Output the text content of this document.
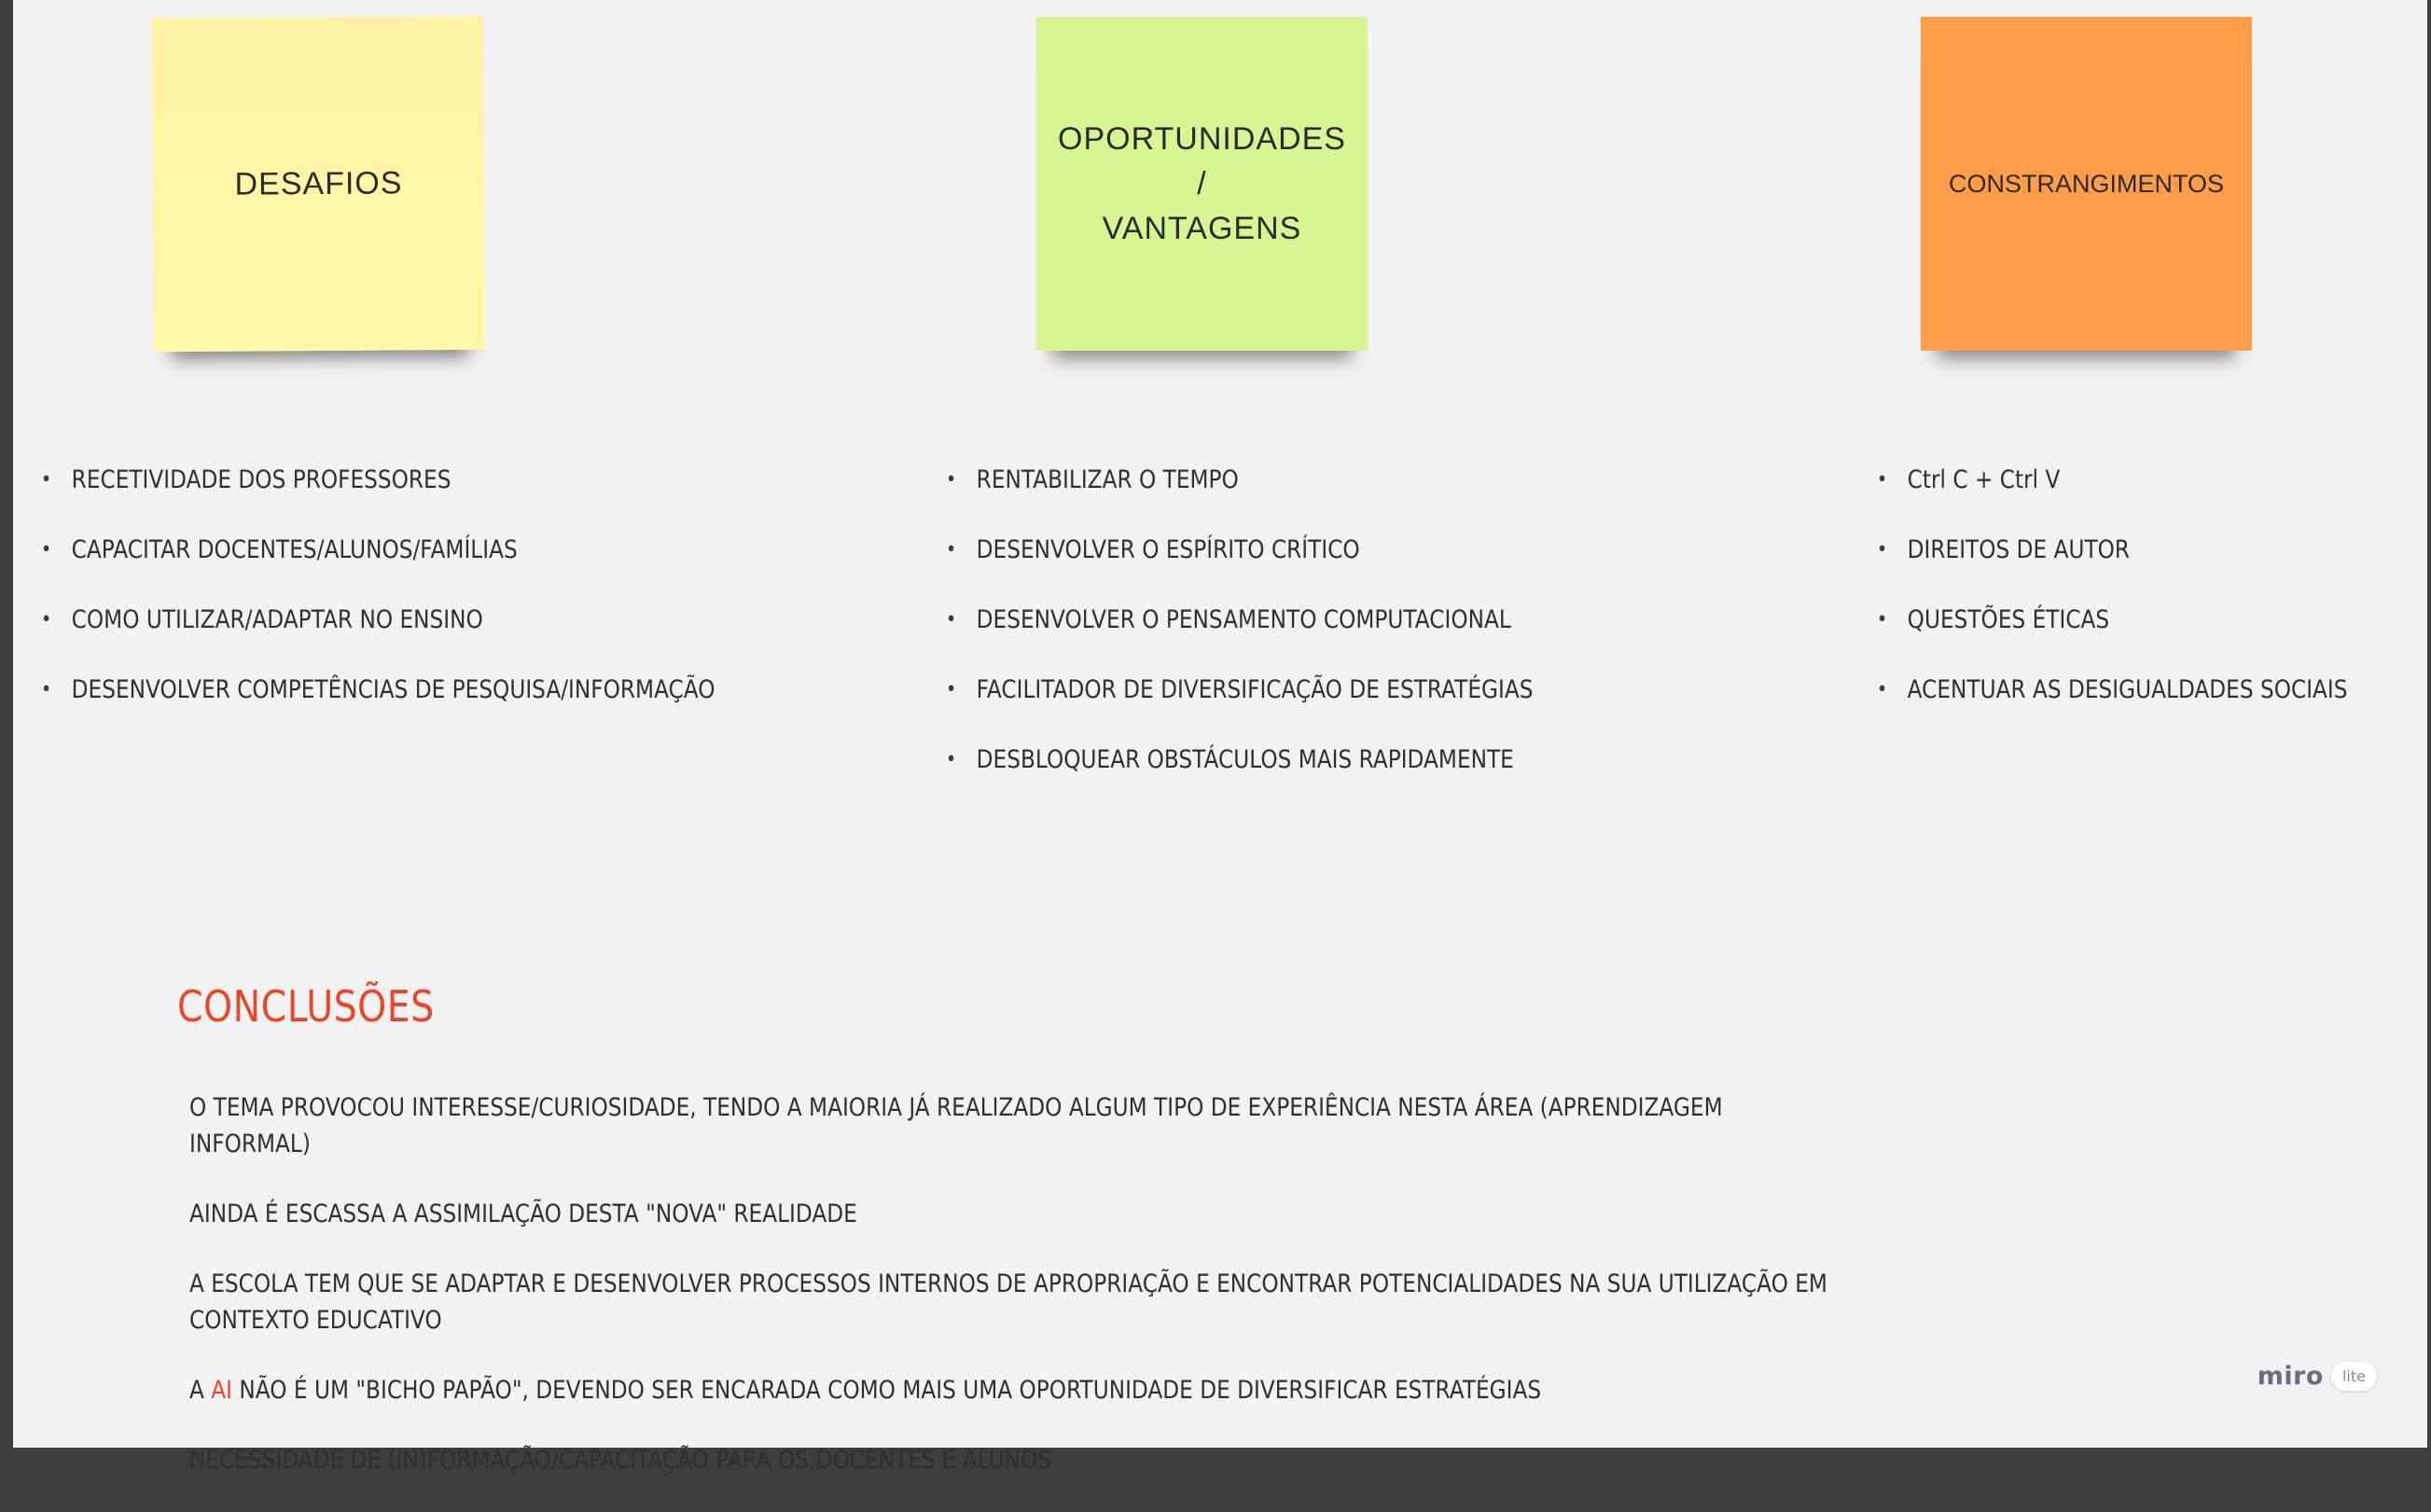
DESAFIOS
OPORTUNIDADES
/
VANTAGENS
CONSTRANGIMENTOS
• RECETIVIDADE DOS PROFESSORES
• CAPACITAR DOCENTES/ALUNOS/FAMÍLIAS
• COMO UTILIZAR/ADAPTAR NO ENSINO
• DESENVOLVER COMPETÊNCIAS DE PESQUISA/INFORMAÇÃO
• RENTABILIZAR O TEMPO
• DESENVOLVER O ESPÍRITO CRÍTICO
• DESENVOLVER O PENSAMENTO COMPUTACIONAL
• FACILITADOR DE DIVERSIFICAÇÃO DE ESTRATÉGIAS
• DESBLOQUEAR OBSTÁCULOS MAIS RAPIDAMENTE
• Ctrl C + Ctrl V
• DIREITOS DE AUTOR
• QUESTÕES ÉTICAS
• ACENTUAR AS DESIGUALDADES SOCIAIS
CONCLUSÕES

O TEMA PROVOCOU INTERESSE/CURIOSIDADE, TENDO A MAIORIA JÁ REALIZADO ALGUM TIPO DE EXPERIÊNCIA NESTA ÁREA (APRENDIZAGEM INFORMAL)

AINDA É ESCASSA A ASSIMILAÇÃO DESTA "NOVA" REALIDADE

A ESCOLA TEM QUE SE ADAPTAR E DESENVOLVER PROCESSOS INTERNOS DE APROPRIAÇÃO E ENCONTRAR POTENCIALIDADES NA SUA UTILIZAÇÃO EM CONTEXTO EDUCATIVO

A AI NÃO É UM "BICHO PAPÃO", DEVENDO SER ENCARADA COMO MAIS UMA OPORTUNIDADE DE DIVERSIFICAR ESTRATÉGIAS

NECESSIDADE DE (IN)FORMAÇÃO/CAPACITAÇÃO PARA OS DOCENTES E ALUNOS

miro	lite
